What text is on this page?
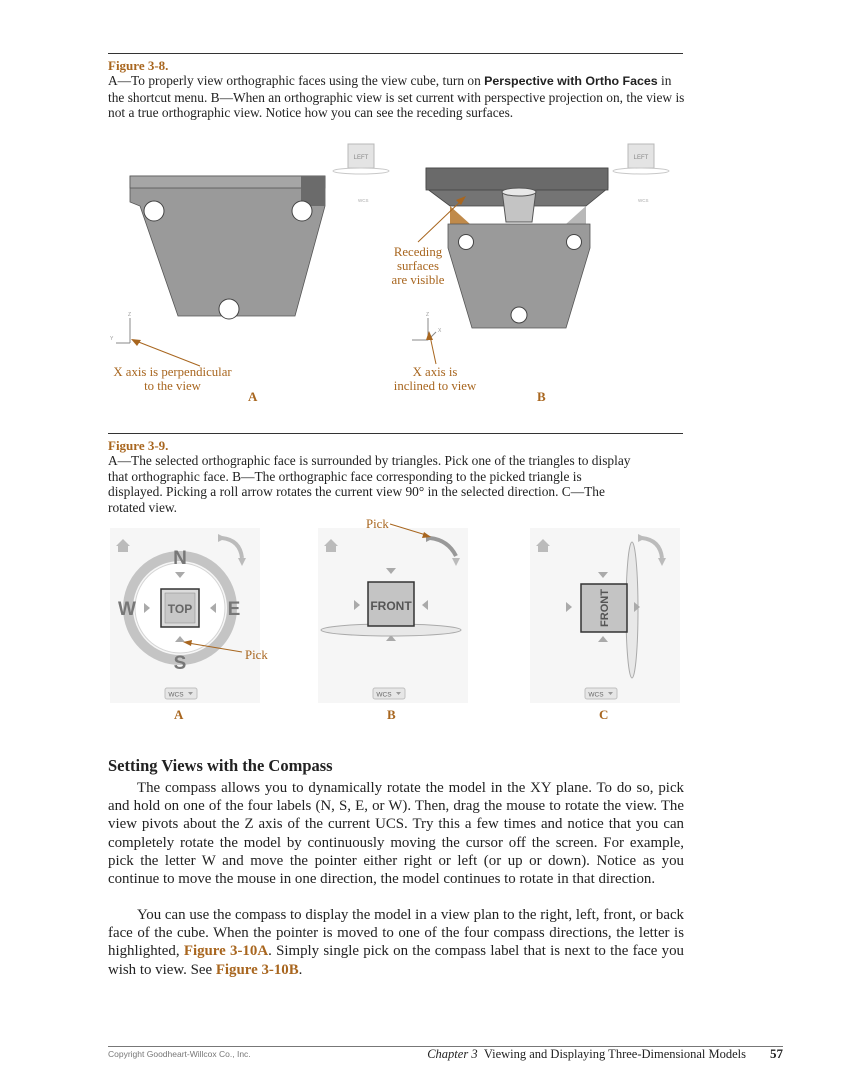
Figure 3-8.
A—To properly view orthographic faces using the view cube, turn on Perspective with Ortho Faces in the shortcut menu. B—When an orthographic view is set current with perspective projection on, the view is not a true orthographic view. Notice how you can see the receding surfaces.
LEFT
WCS
Z
Y
LEFT
WCS
Z
X
Receding
surfaces
are visible
X axis is perpendicular
to the view
X axis is
inclined to view
A	B
Figure 3-9.
A—The selected orthographic face is surrounded by triangles. Pick one of the triangles to display that orthographic face. B—The orthographic face corresponding to the picked triangle is displayed. Picking a roll arrow rotates the current view 90° in the selected direction. C—The rotated view.
N
S
E
W	TOP
WCS
FRONT
WCS
FRONT
WCS
Pick
Pick
A	B	C
Setting Views with the Compass
The compass allows you to dynamically rotate the model in the XY plane. To do so, pick and hold on one of the four labels (N, S, E, or W). Then, drag the mouse to rotate the view. The view pivots about the Z axis of the current UCS. Try this a few times and notice that you can completely rotate the model by continuously moving the cursor off the screen. For example, pick the letter W and move the pointer either right or left (or up or down). Notice as you continue to move the mouse in one direction, the model continues to rotate in that direction.
You can use the compass to display the model in a view plan to the right, left, front, or back face of the cube. When the pointer is moved to one of the four compass directions, the letter is highlighted, Figure 3-10A. Simply single pick on the compass label that is next to the face you wish to view. See Figure 3-10B.
Copyright Goodheart-Willcox Co., Inc.	Chapter 3 Viewing and Displaying Three-Dimensional Models 57
